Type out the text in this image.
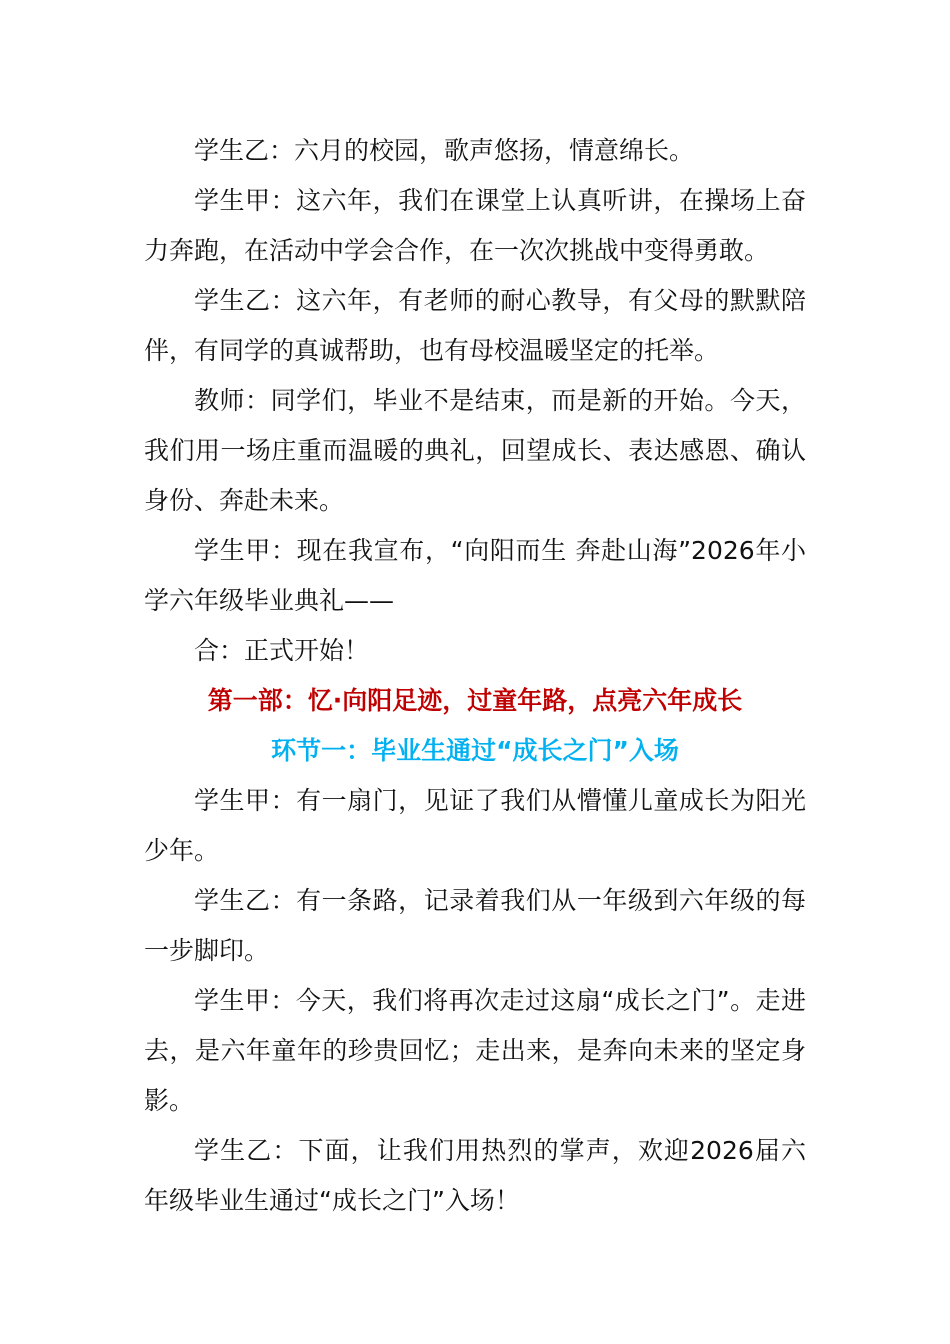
学生乙：六月的校园，歌声悠扬，情意绵长。

学生甲：这六年，我们在课堂上认真听讲，在操场上奋力奔跑，在活动中学会合作，在一次次挑战中变得勇敢。

学生乙：这六年，有老师的耐心教导，有父母的默默陪伴，有同学的真诚帮助，也有母校温暖坚定的托举。

教师：同学们，毕业不是结束，而是新的开始。今天，我们用一场庄重而温暖的典礼，回望成长、表达感恩、确认身份、奔赴未来。

学生甲：现在我宣布，“向阳而生 奔赴山海”2026年小学六年级毕业典礼——

合：正式开始！

第一部：忆·向阳足迹，过童年路，点亮六年成长

环节一：毕业生通过“成长之门”入场

学生甲：有一扇门，见证了我们从懵懂儿童成长为阳光少年。

学生乙：有一条路，记录着我们从一年级到六年级的每一步脚印。

学生甲：今天，我们将再次走过这扇“成长之门”。走进去，是六年童年的珍贵回忆；走出来，是奔向未来的坚定身影。

学生乙：下面，让我们用热烈的掌声，欢迎2026届六年级毕业生通过“成长之门”入场！
